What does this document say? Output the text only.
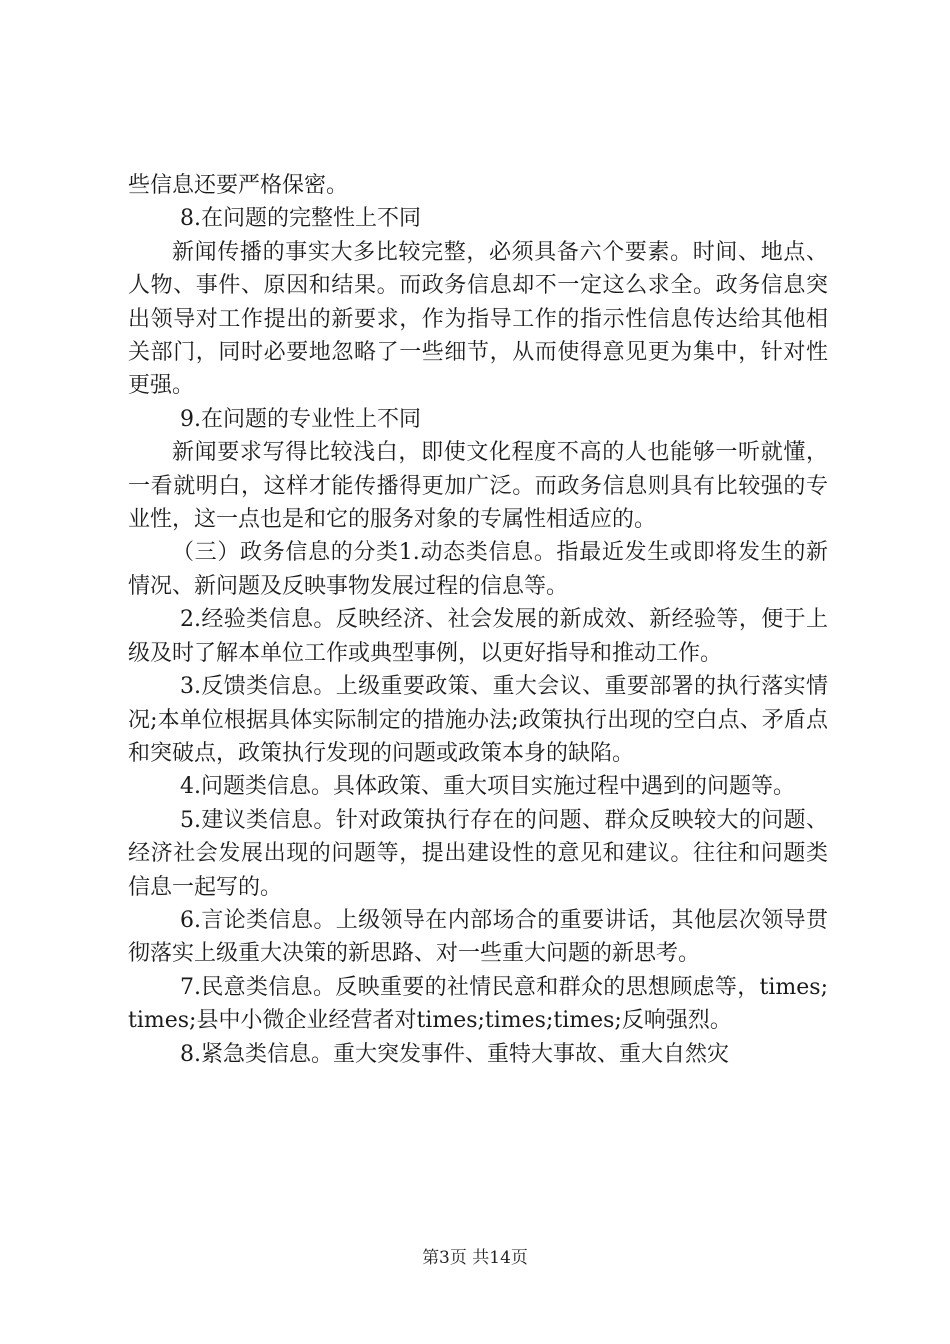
些信息还要严格保密。

8.在问题的完整性上不同

新闻传播的事实大多比较完整，必须具备六个要素。时间、地点、人物、事件、原因和结果。而政务信息却不一定这么求全。政务信息突出领导对工作提出的新要求，作为指导工作的指示性信息传达给其他相关部门，同时必要地忽略了一些细节，从而使得意见更为集中，针对性更强。

9.在问题的专业性上不同

新闻要求写得比较浅白，即使文化程度不高的人也能够一听就懂，一看就明白，这样才能传播得更加广泛。而政务信息则具有比较强的专业性，这一点也是和它的服务对象的专属性相适应的。

（三）政务信息的分类1.动态类信息。指最近发生或即将发生的新情况、新问题及反映事物发展过程的信息等。

2.经验类信息。反映经济、社会发展的新成效、新经验等，便于上级及时了解本单位工作或典型事例，以更好指导和推动工作。

3.反馈类信息。上级重要政策、重大会议、重要部署的执行落实情况;本单位根据具体实际制定的措施办法;政策执行出现的空白点、矛盾点和突破点，政策执行发现的问题或政策本身的缺陷。

4.问题类信息。具体政策、重大项目实施过程中遇到的问题等。

5.建议类信息。针对政策执行存在的问题、群众反映较大的问题、经济社会发展出现的问题等，提出建设性的意见和建议。往往和问题类信息一起写的。

6.言论类信息。上级领导在内部场合的重要讲话，其他层次领导贯彻落实上级重大决策的新思路、对一些重大问题的新思考。

7.民意类信息。反映重要的社情民意和群众的思想顾虑等，times;times;县中小微企业经营者对times;times;times;反响强烈。

8.紧急类信息。重大突发事件、重特大事故、重大自然灾

第3页 共14页
